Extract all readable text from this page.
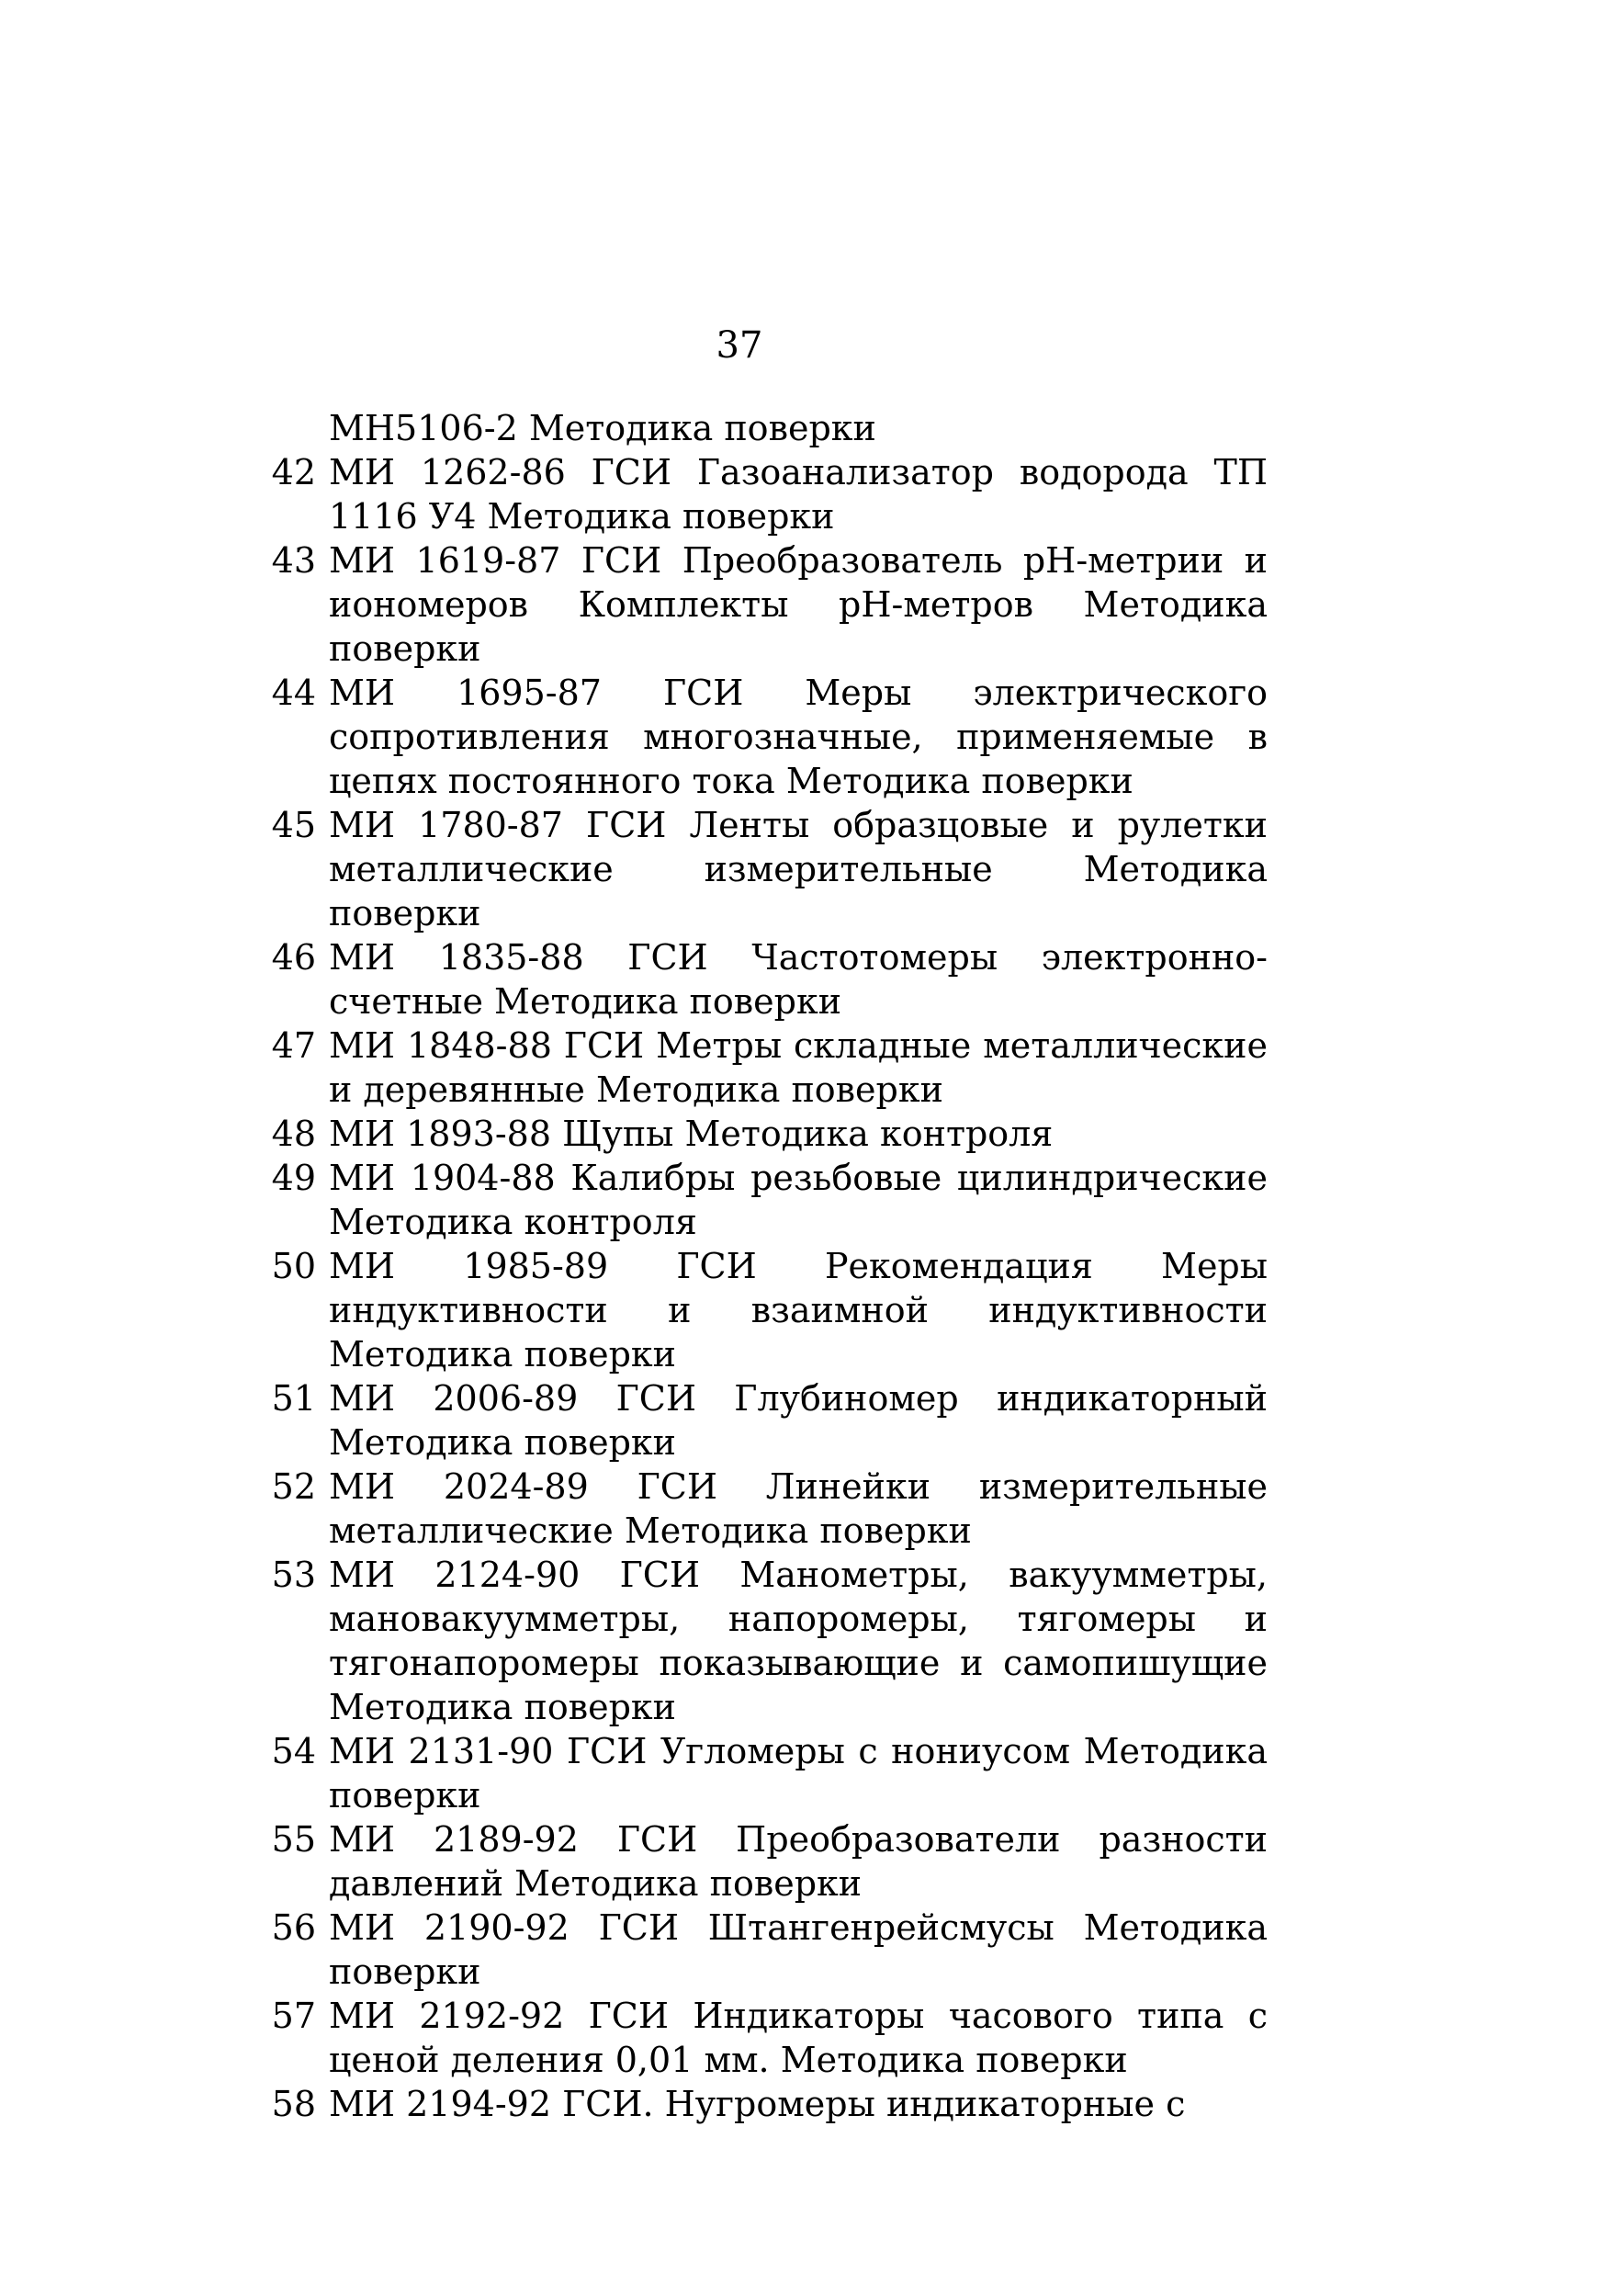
37
МН5106-2 Методика поверки
42 МИ 1262-86 ГСИ Газоанализатор водорода ТП 1116 У4 Методика поверки
43 МИ 1619-87 ГСИ Преобразователь рН-метрии и иономеров Комплекты рН-метров Методика поверки
44 МИ 1695-87 ГСИ Меры электрического сопротивления многозначные, применяемые в цепях постоянного тока Методика поверки
45 МИ 1780-87 ГСИ Ленты образцовые и рулетки металлические измерительные Методика поверки
46 МИ 1835-88 ГСИ Частотомеры электронно-счетные Методика поверки
47 МИ 1848-88 ГСИ Метры складные металлические и деревянные Методика поверки
48 МИ 1893-88 Щупы Методика контроля
49 МИ 1904-88 Калибры резьбовые цилиндрические Методика контроля
50 МИ 1985-89 ГСИ Рекомендация Меры индуктивности и взаимной индуктивности Методика поверки
51 МИ 2006-89 ГСИ Глубиномер индикаторный Методика поверки
52 МИ 2024-89 ГСИ Линейки измерительные металлические Методика поверки
53 МИ 2124-90 ГСИ Манометры, вакуумметры, мановакуумметры, напоромеры, тягомеры и тягонапоромеры показывающие и самопишущие Методика поверки
54 МИ 2131-90 ГСИ Угломеры с нониусом Методика поверки
55 МИ 2189-92 ГСИ Преобразователи разности давлений Методика поверки
56 МИ 2190-92 ГСИ Штангенрейсмусы Методика поверки
57 МИ 2192-92 ГСИ Индикаторы часового типа с ценой деления 0,01 мм. Методика поверки
58 МИ 2194-92 ГСИ. Нугромеры индикаторные с
